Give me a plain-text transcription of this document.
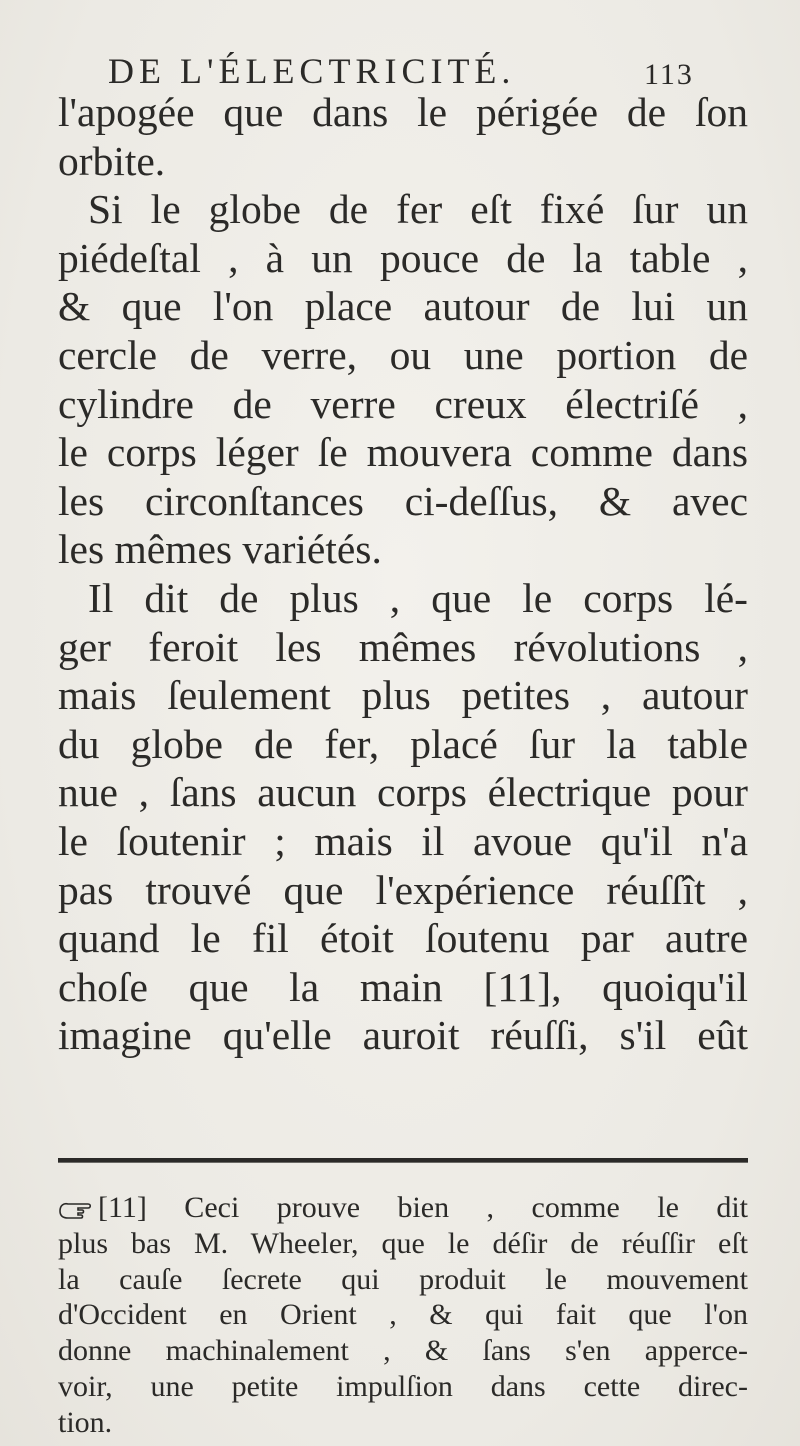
DE L'ÉLECTRICITÉ.	113
l'apogée que dans le périgée de ſon
orbite.
Si le globe de fer eſt fixé ſur un
piédeſtal , à un pouce de la table ,
& que l'on place autour de lui un
cercle de verre, ou une portion de
cylindre de verre creux électriſé ,
le corps léger ſe mouvera comme dans
les circonſtances ci-deſſus, & avec
les mêmes variétés.
Il dit de plus , que le corps lé-
ger feroit les mêmes révolutions ,
mais ſeulement plus petites , autour
du globe de fer, placé ſur la table
nue , ſans aucun corps électrique pour
le ſoutenir ; mais il avoue qu'il n'a
pas trouvé que l'expérience réuſſît ,
quand le fil étoit ſoutenu par autre
choſe que la main [11], quoiqu'il
imagine qu'elle auroit réuſſi, s'il eût
[11] Ceci prouve bien , comme le dit
plus bas M. Wheeler, que le déſir de réuſſir eſt
la cauſe ſecrete qui produit le mouvement
d'Occident en Orient , & qui fait que l'on
donne machinalement , & ſans s'en apperce-
voir, une petite impulſion dans cette direc-
tion.
